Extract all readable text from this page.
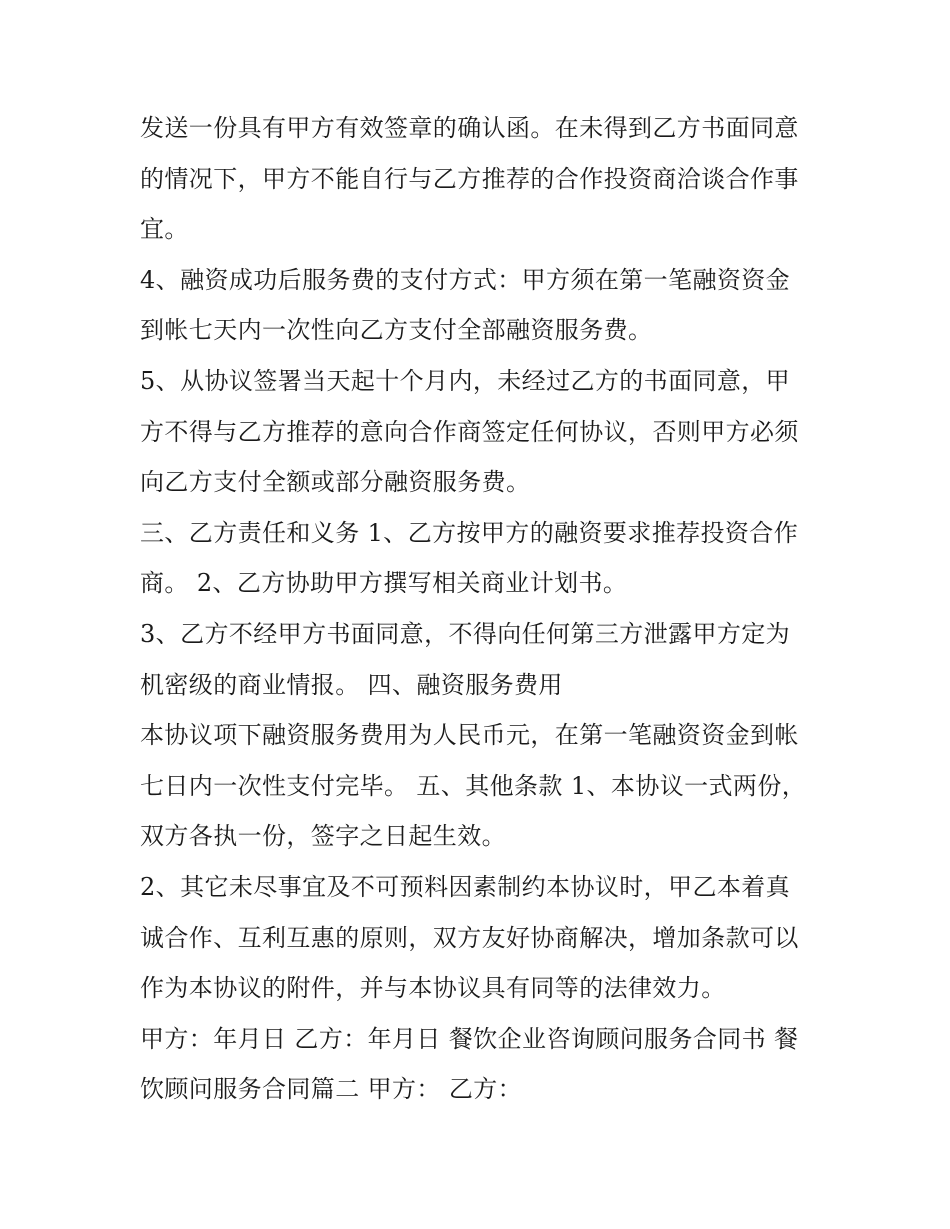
发送一份具有甲方有效签章的确认函。在未得到乙方书面同意
的情况下，甲方不能自行与乙方推荐的合作投资商洽谈合作事
宜。
4、融资成功后服务费的支付方式：甲方须在第一笔融资资金
到帐七天内一次性向乙方支付全部融资服务费。
5、从协议签署当天起十个月内，未经过乙方的书面同意，甲
方不得与乙方推荐的意向合作商签定任何协议，否则甲方必须
向乙方支付全额或部分融资服务费。
三、乙方责任和义务 1、乙方按甲方的融资要求推荐投资合作
商。 2、乙方协助甲方撰写相关商业计划书。
3、乙方不经甲方书面同意，不得向任何第三方泄露甲方定为
机密级的商业情报。 四、融资服务费用
本协议项下融资服务费用为人民币元，在第一笔融资资金到帐
七日内一次性支付完毕。 五、其他条款 1、本协议一式两份，
双方各执一份，签字之日起生效。
2、其它未尽事宜及不可预料因素制约本协议时，甲乙本着真
诚合作、互利互惠的原则，双方友好协商解决，增加条款可以
作为本协议的附件，并与本协议具有同等的法律效力。
甲方：年月日 乙方：年月日 餐饮企业咨询顾问服务合同书 餐
饮顾问服务合同篇二 甲方： 乙方：
